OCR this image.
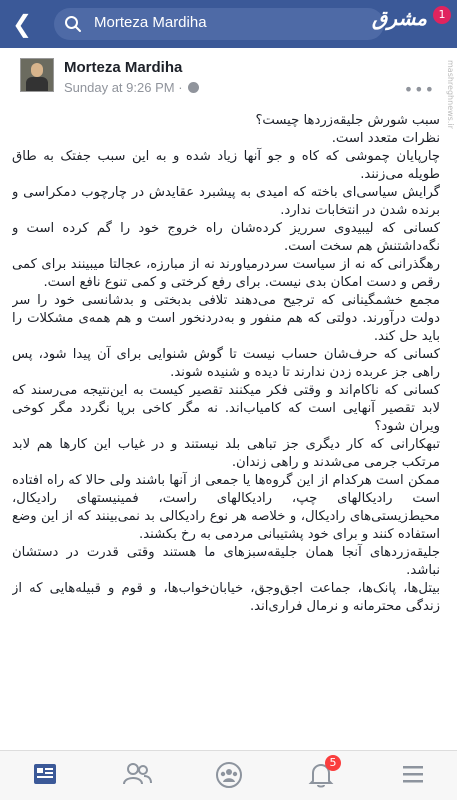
❮	Morteza Mardiha	مشرق	1
mashreghnews.ir
Morteza Mardiha
Sunday at 9:26 PM ·	•••

سبب شورش جلیقه‌زردها چیست؟

نظرات متعدد است.

چارپایان چموشی که کاه و جو آنها زیاد شده و به این سبب جفتک به طاق طویله می‌زنند.

گرایش سیاسی‌ای باخته که امیدی به پیشبرد عقایدش در چارچوب دمکراسی و برنده شدن در انتخابات ندارد.

کسانی که لیبیدوی سرریز کرده‌شان راه خروج خود را گم کرده است و نگه‌داشتنش هم سخت است.

رهگذرانی که نه از سیاست سردرمیاورند نه از مبارزه، عجالتا میبینند برای کمی رقص و دست امکان بدی نیست. برای رفع کرختی و کمی تنوع نافع است.

مجمع خشمگینانی که ترجیح می‌دهند تلافی بدبختی و بدشانسی خود را سر دولت درآورند. دولتی که هم منفور و به‌دردنخور است و هم همه‌ی مشکلات را باید حل کند.

کسانی که حرف‌شان حساب نیست تا گوش شنوایی برای آن پیدا شود، پس راهی جز عربده زدن ندارند تا دیده و شنیده شوند.

کسانی که ناکام‌اند و وقتی فکر میکنند تقصیر کیست به این‌نتیجه می‌رسند که لابد تقصیر آنهایی است که کامیاب‌اند. نه مگر کاخی برپا نگردد مگر کوخی ویران شود؟

تبهکارانی که کار دیگری جز تباهی بلد نیستند و در غیاب این کارها هم لابد مرتکب جرمی می‌شدند و راهی زندان.

ممکن است هرکدام از این گروه‌ها یا جمعی از آنها باشند ولی حالا که راه افتاده است رادیکالهای چپ، رادیکالهای راست، فمینیستهای رادیکال، محیط‌زیستی‌های رادیکال، و خلاصه هر نوع رادیکالی بد نمی‌بینند که از این وضع استفاده کنند و برای خود پشتیبانی مردمی به رخ بکشند.

جلیقه‌زردهای آنجا همان جلیقه‌سبزهای ما هستند وقتی قدرت در دستشان نباشد.

بیتل‌ها، پانک‌ها، جماعت اجق‌وجق، خیابان‌خواب‌ها، و قوم و قبیله‌هایی که از زندگی محترمانه و نرمال فراری‌اند.

5
